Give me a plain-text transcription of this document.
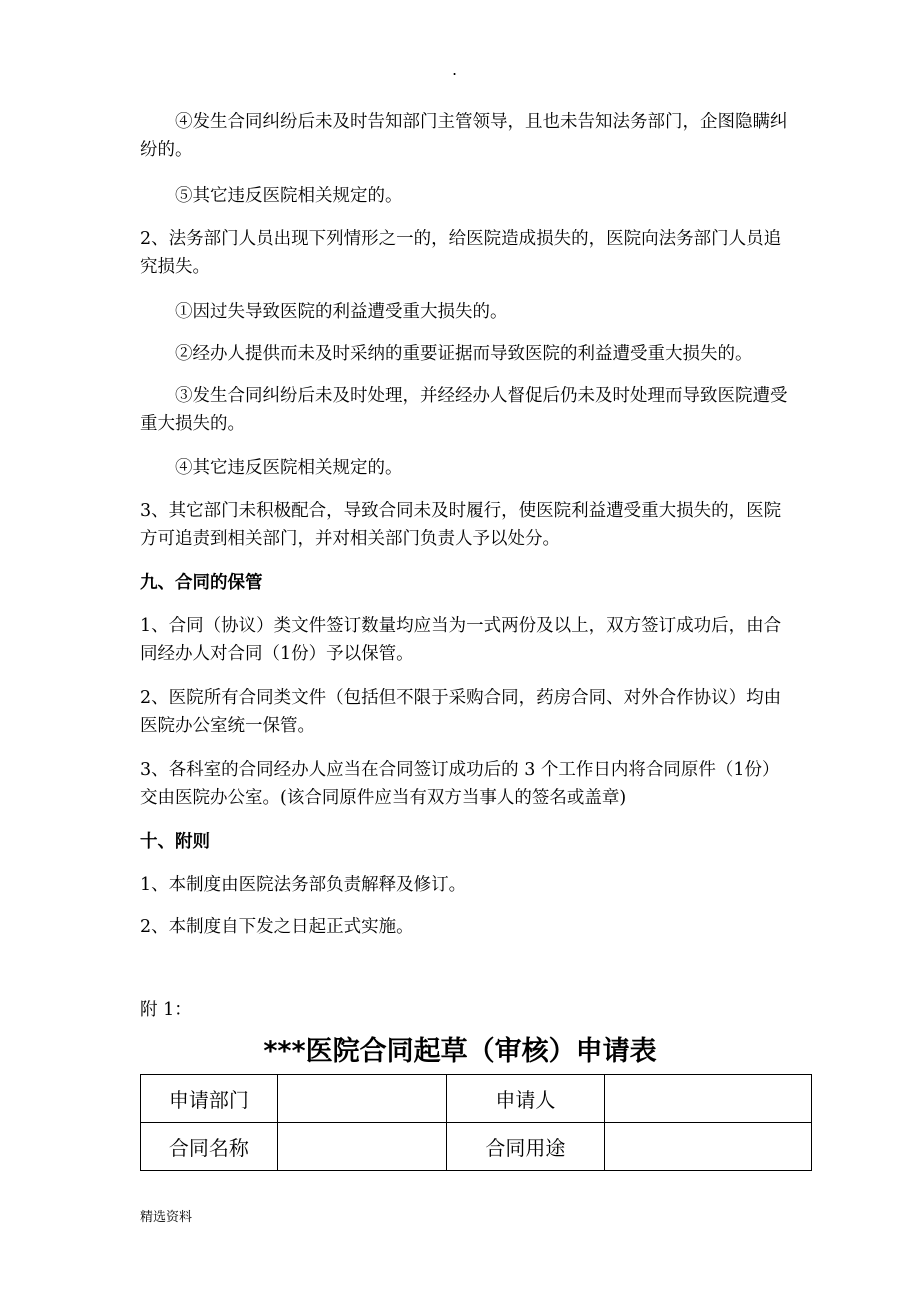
.

④发生合同纠纷后未及时告知部门主管领导，且也未告知法务部门，企图隐瞒纠纷的。

⑤其它违反医院相关规定的。

2、法务部门人员出现下列情形之一的，给医院造成损失的，医院向法务部门人员追究损失。

①因过失导致医院的利益遭受重大损失的。

②经办人提供而未及时采纳的重要证据而导致医院的利益遭受重大损失的。

③发生合同纠纷后未及时处理，并经经办人督促后仍未及时处理而导致医院遭受重大损失的。

④其它违反医院相关规定的。

3、其它部门未积极配合，导致合同未及时履行，使医院利益遭受重大损失的，医院方可追责到相关部门，并对相关部门负责人予以处分。

九、合同的保管

1、合同（协议）类文件签订数量均应当为一式两份及以上，双方签订成功后，由合同经办人对合同（1份）予以保管。

2、医院所有合同类文件（包括但不限于采购合同，药房合同、对外合作协议）均由医院办公室统一保管。

3、各科室的合同经办人应当在合同签订成功后的 3 个工作日内将合同原件（1份）交由医院办公室。(该合同原件应当有双方当事人的签名或盖章)

十、附则

1、本制度由医院法务部负责解释及修订。

2、本制度自下发之日起正式实施。

附 1：
***医院合同起草（审核）申请表
申请部门		申请人	
合同名称		合同用途	
精选资料
